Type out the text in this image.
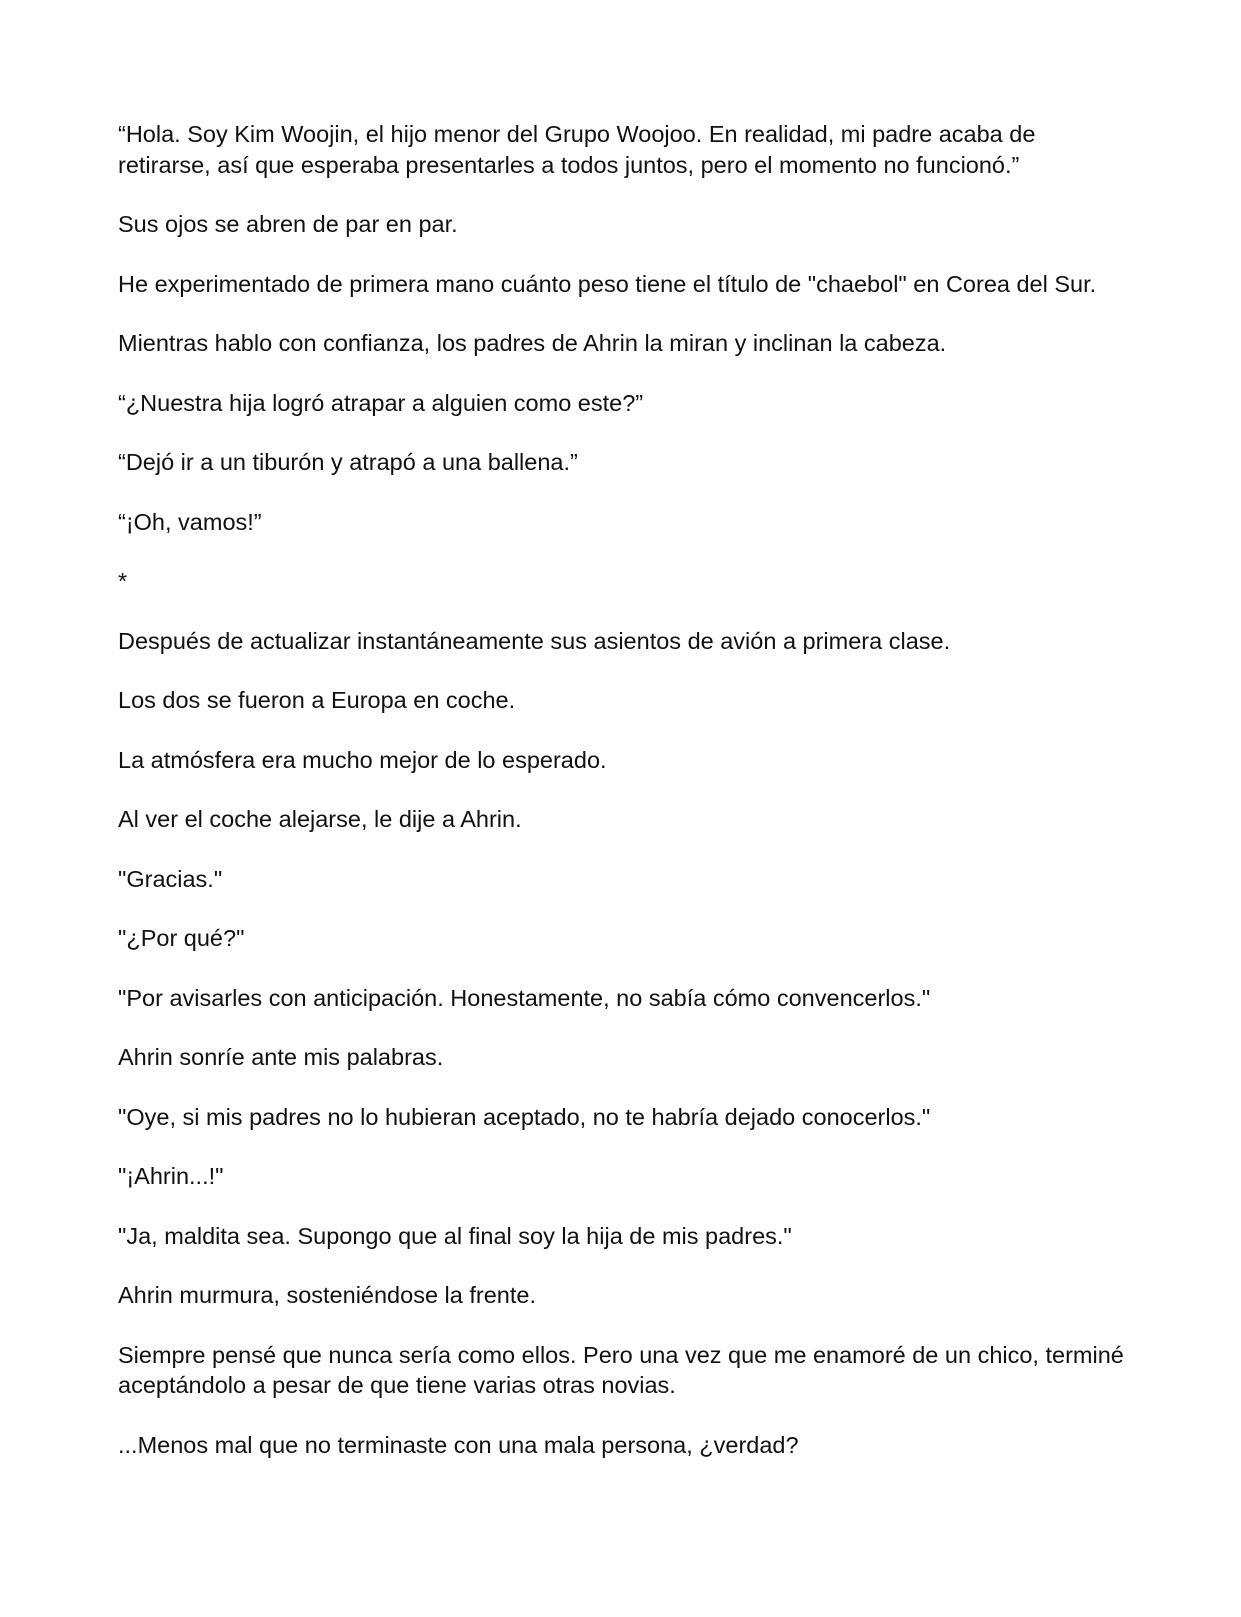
“Hola. Soy Kim Woojin, el hijo menor del Grupo Woojoo. En realidad, mi padre acaba de retirarse, así que esperaba presentarles a todos juntos, pero el momento no funcionó.”

Sus ojos se abren de par en par.

He experimentado de primera mano cuánto peso tiene el título de "chaebol" en Corea del Sur.

Mientras hablo con confianza, los padres de Ahrin la miran y inclinan la cabeza.

“¿Nuestra hija logró atrapar a alguien como este?”

“Dejó ir a un tiburón y atrapó a una ballena.”

“¡Oh, vamos!”

*

Después de actualizar instantáneamente sus asientos de avión a primera clase.

Los dos se fueron a Europa en coche.

La atmósfera era mucho mejor de lo esperado.

Al ver el coche alejarse, le dije a Ahrin.

"Gracias."

"¿Por qué?"

"Por avisarles con anticipación. Honestamente, no sabía cómo convencerlos."

Ahrin sonríe ante mis palabras.

"Oye, si mis padres no lo hubieran aceptado, no te habría dejado conocerlos."

"¡Ahrin...!"

"Ja, maldita sea. Supongo que al final soy la hija de mis padres."

Ahrin murmura, sosteniéndose la frente.

Siempre pensé que nunca sería como ellos. Pero una vez que me enamoré de un chico, terminé aceptándolo a pesar de que tiene varias otras novias.

...Menos mal que no terminaste con una mala persona, ¿verdad?
